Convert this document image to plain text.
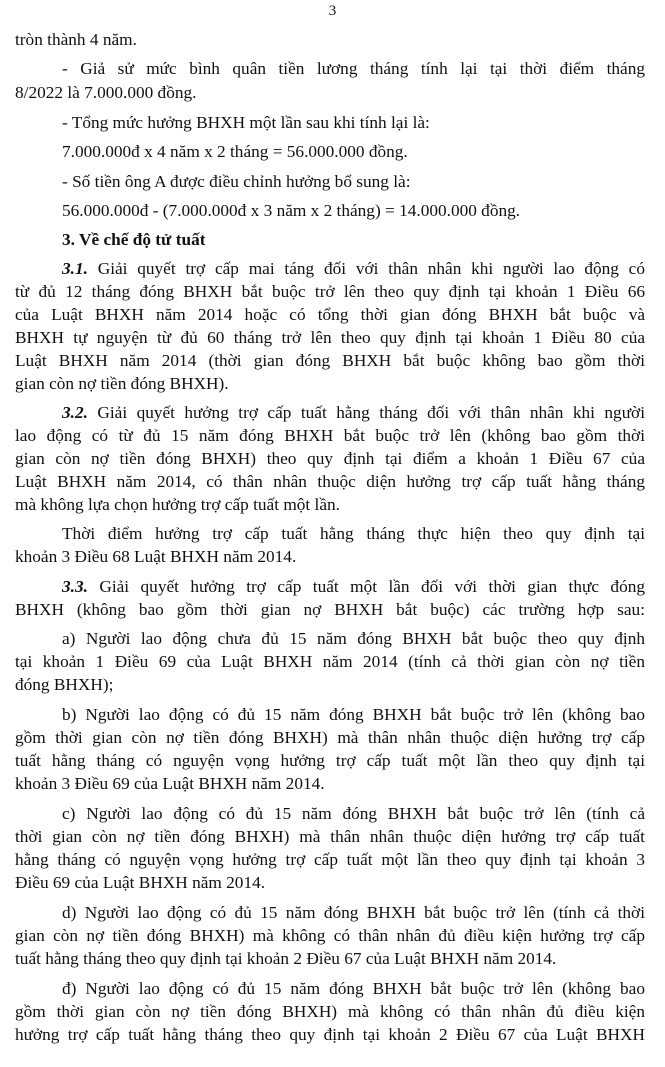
3
tròn thành 4 năm.
- Giả sử mức bình quân tiền lương tháng tính lại tại thời điểm tháng
8/2022 là 7.000.000 đồng.
- Tổng mức hưởng BHXH một lần sau khi tính lại là:
7.000.000đ x 4 năm x 2 tháng = 56.000.000 đồng.
- Số tiền ông A được điều chỉnh hưởng bổ sung là:
56.000.000đ - (7.000.000đ x 3 năm x 2 tháng) = 14.000.000 đồng.
3. Về chế độ tử tuất
3.1. Giải quyết trợ cấp mai táng đối với thân nhân khi người lao động có
từ đủ 12 tháng đóng BHXH bắt buộc trở lên theo quy định tại khoản 1 Điều 66
của Luật BHXH năm 2014 hoặc có tổng thời gian đóng BHXH bắt buộc và
BHXH tự nguyện từ đủ 60 tháng trở lên theo quy định tại khoản 1 Điều 80 của
Luật BHXH năm 2014 (thời gian đóng BHXH bắt buộc không bao gồm thời
gian còn nợ tiền đóng BHXH).
3.2. Giải quyết hưởng trợ cấp tuất hằng tháng đối với thân nhân khi người
lao động có từ đủ 15 năm đóng BHXH bắt buộc trở lên (không bao gồm thời
gian còn nợ tiền đóng BHXH) theo quy định tại điểm a khoản 1 Điều 67 của
Luật BHXH năm 2014, có thân nhân thuộc diện hưởng trợ cấp tuất hằng tháng
mà không lựa chọn hưởng trợ cấp tuất một lần.
Thời điểm hưởng trợ cấp tuất hằng tháng thực hiện theo quy định tại
khoản 3 Điều 68 Luật BHXH năm 2014.
3.3. Giải quyết hưởng trợ cấp tuất một lần đối với thời gian thực đóng
BHXH (không bao gồm thời gian nợ BHXH bắt buộc) các trường hợp sau:
a) Người lao động chưa đủ 15 năm đóng BHXH bắt buộc theo quy định
tại khoản 1 Điều 69 của Luật BHXH năm 2014 (tính cả thời gian còn nợ tiền
đóng BHXH);
b) Người lao động có đủ 15 năm đóng BHXH bắt buộc trở lên (không bao
gồm thời gian còn nợ tiền đóng BHXH) mà thân nhân thuộc diện hưởng trợ cấp
tuất hằng tháng có nguyện vọng hưởng trợ cấp tuất một lần theo quy định tại
khoản 3 Điều 69 của Luật BHXH năm 2014.
c) Người lao động có đủ 15 năm đóng BHXH bắt buộc trở lên (tính cả
thời gian còn nợ tiền đóng BHXH) mà thân nhân thuộc diện hưởng trợ cấp tuất
hằng tháng có nguyện vọng hưởng trợ cấp tuất một lần theo quy định tại khoản 3
Điều 69 của Luật BHXH năm 2014.
d) Người lao động có đủ 15 năm đóng BHXH bắt buộc trở lên (tính cả thời
gian còn nợ tiền đóng BHXH) mà không có thân nhân đủ điều kiện hưởng trợ cấp
tuất hằng tháng theo quy định tại khoản 2 Điều 67 của Luật BHXH năm 2014.
đ) Người lao động có đủ 15 năm đóng BHXH bắt buộc trở lên (không bao
gồm thời gian còn nợ tiền đóng BHXH) mà không có thân nhân đủ điều kiện
hưởng trợ cấp tuất hằng tháng theo quy định tại khoản 2 Điều 67 của Luật BHXH
